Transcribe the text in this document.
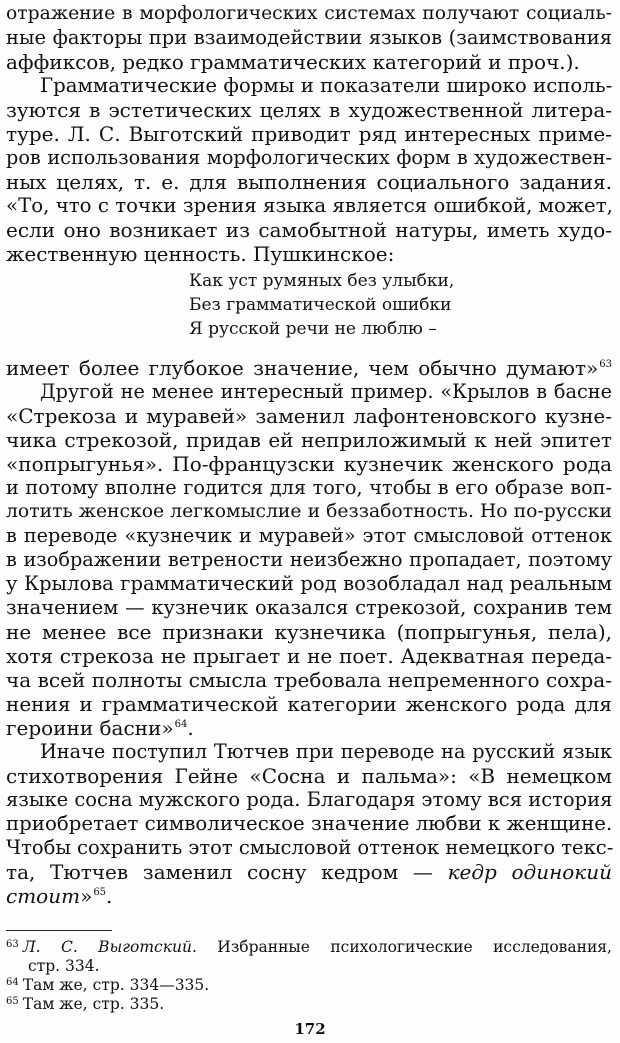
отражение в морфологических системах получают социаль-
ные факторы при взаимодействии языков (заимствования
аффиксов, редко грамматических категорий и проч.).
Грамматические формы и показатели широко исполь-
зуются в эстетических целях в художественной литера-
туре. Л. С. Выготский приводит ряд интересных приме-
ров использования морфологических форм в художествен-
ных целях, т. е. для выполнения социального задания.
«То, что с точки зрения языка является ошибкой, может,
если оно возникает из самобытной натуры, иметь худо-
жественную ценность. Пушкинское:
Как уст румяных без улыбки,
Без грамматической ошибки
Я русской речи не люблю –
имеет более глубокое значение, чем обычно думают»$^{63}$
Другой не менее интересный пример. «Крылов в басне
«Стрекоза и муравей» заменил лафонтеновского кузне-
чика стрекозой, придав ей неприложимый к ней эпитет
«попрыгунья». По-французски кузнечик женского рода
и потому вполне годится для того, чтобы в его образе воп-
лотить женское легкомыслие и беззаботность. Но по-русски
в переводе «кузнечик и муравей» этот смысловой оттенок
в изображении ветрености неизбежно пропадает, поэтому
у Крылова грамматический род возобладал над реальным
значением — кузнечик оказался стрекозой, сохранив тем
не менее все признаки кузнечика (попрыгунья, пела),
хотя стрекоза не прыгает и не поет. Адекватная переда-
ча всей полноты смысла требовала непременного сохра-
нения и грамматической категории женского рода для
героини басни»$^{64}$.
Иначе поступил Тютчев при переводе на русский язык
стихотворения Гейне «Сосна и пальма»: «В немецком
языке сосна мужского рода. Благодаря этому вся история
приобретает символическое значение любви к женщине.
Чтобы сохранить этот смысловой оттенок немецкого текс-
та, Тютчев заменил сосну кедром — кедр одинокий
стоит»$^{65}$.
$^{63}$ Л. С. Выготский. Избранные психологические исследования,
стр. 334.
$^{64}$ Там же, стр. 334—335.
$^{65}$ Там же, стр. 335.
172
